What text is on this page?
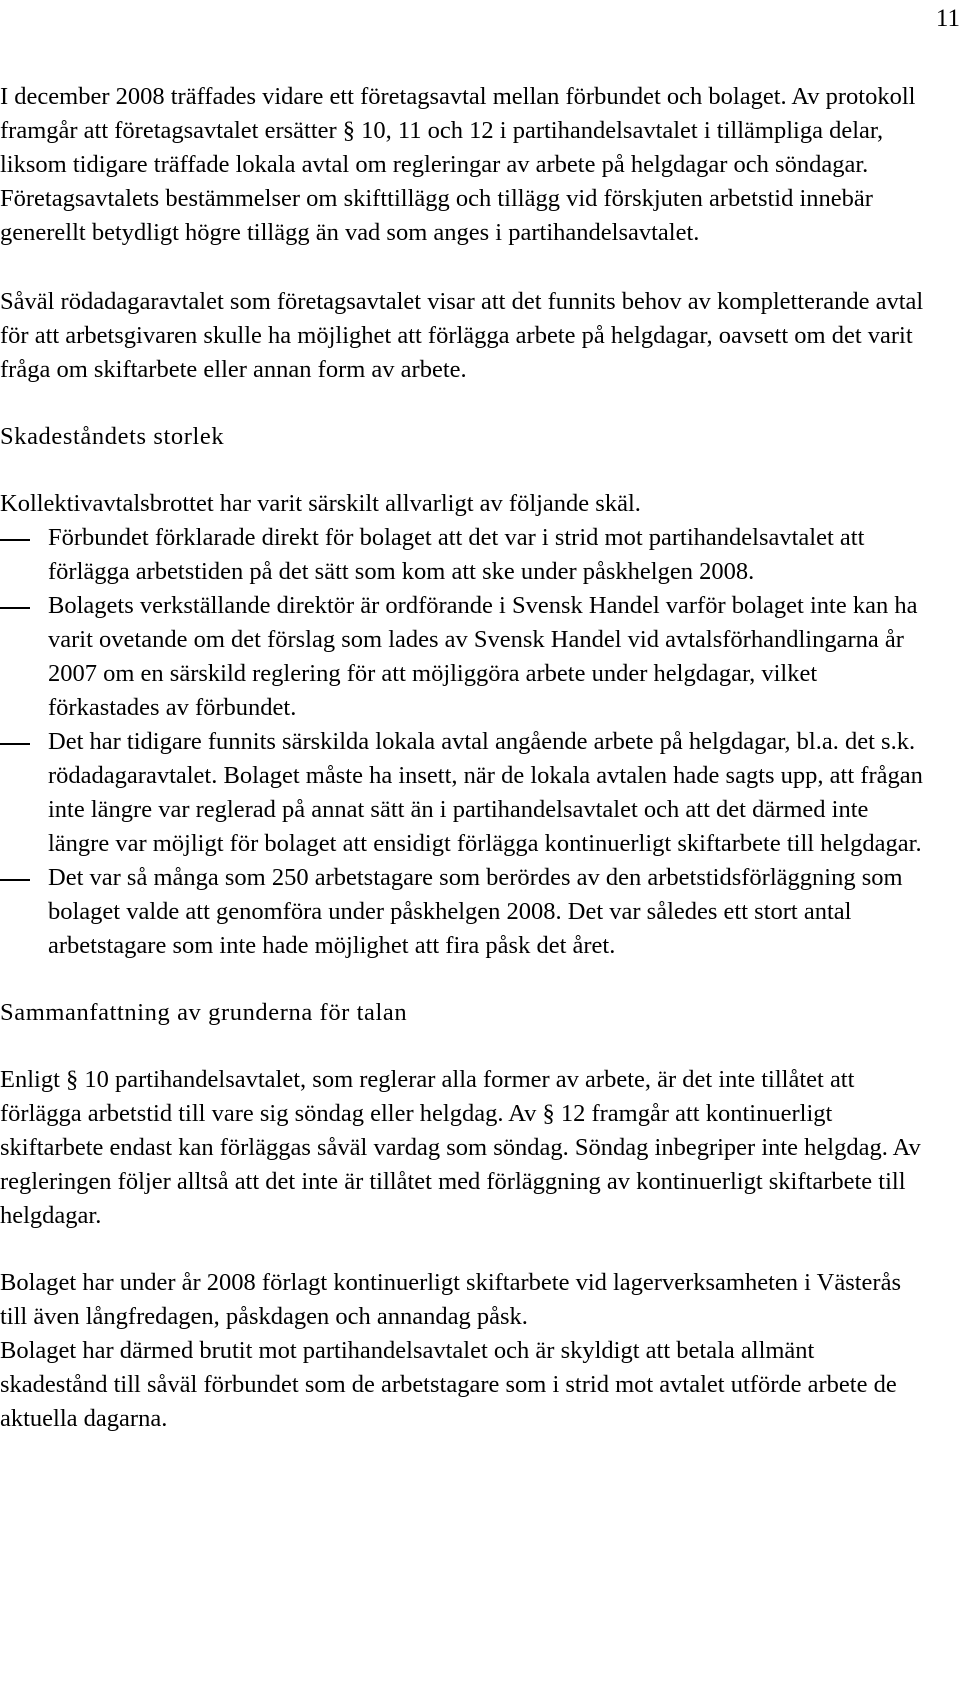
11

I december 2008 träffades vidare ett företagsavtal mellan förbundet och bolaget. Av protokoll framgår att företagsavtalet ersätter § 10, 11 och 12 i partihandelsavtalet i tillämpliga delar, liksom tidigare träffade lokala avtal om regleringar av arbete på helgdagar och söndagar. Företagsavtalets bestämmelser om skifttillägg och tillägg vid förskjuten arbetstid innebär generellt betydligt högre tillägg än vad som anges i partihandelsavtalet.

Såväl rödadagaravtalet som företagsavtalet visar att det funnits behov av kompletterande avtal för att arbetsgivaren skulle ha möjlighet att förlägga arbete på helgdagar, oavsett om det varit fråga om skiftarbete eller annan form av arbete.

Skadeståndets storlek

Kollektivavtalsbrottet har varit särskilt allvarligt av följande skäl.

Förbundet förklarade direkt för bolaget att det var i strid mot partihandelsavtalet att förlägga arbetstiden på det sätt som kom att ske under påskhelgen 2008.
Bolagets verkställande direktör är ordförande i Svensk Handel varför bolaget inte kan ha varit ovetande om det förslag som lades av Svensk Handel vid avtalsförhandlingarna år 2007 om en särskild reglering för att möjliggöra arbete under helgdagar, vilket förkastades av förbundet.
Det har tidigare funnits särskilda lokala avtal angående arbete på helgdagar, bl.a. det s.k. rödadagaravtalet. Bolaget måste ha insett, när de lokala avtalen hade sagts upp, att frågan inte längre var reglerad på annat sätt än i partihandelsavtalet och att det därmed inte längre var möjligt för bolaget att ensidigt förlägga kontinuerligt skiftarbete till helgdagar.
Det var så många som 250 arbetstagare som berördes av den arbetstidsförläggning som bolaget valde att genomföra under påskhelgen 2008. Det var således ett stort antal arbetstagare som inte hade möjlighet att fira påsk det året.

Sammanfattning av grunderna för talan

Enligt § 10 partihandelsavtalet, som reglerar alla former av arbete, är det inte tillåtet att förlägga arbetstid till vare sig söndag eller helgdag. Av § 12 framgår att kontinuerligt skiftarbete endast kan förläggas såväl vardag som söndag. Söndag inbegriper inte helgdag. Av regleringen följer alltså att det inte är tillåtet med förläggning av kontinuerligt skiftarbete till helgdagar.

Bolaget har under år 2008 förlagt kontinuerligt skiftarbete vid lagerverksamheten i Västerås till även långfredagen, påskdagen och annandag påsk.

Bolaget har därmed brutit mot partihandelsavtalet och är skyldigt att betala allmänt skadestånd till såväl förbundet som de arbetstagare som i strid mot avtalet utförde arbete de aktuella dagarna.
